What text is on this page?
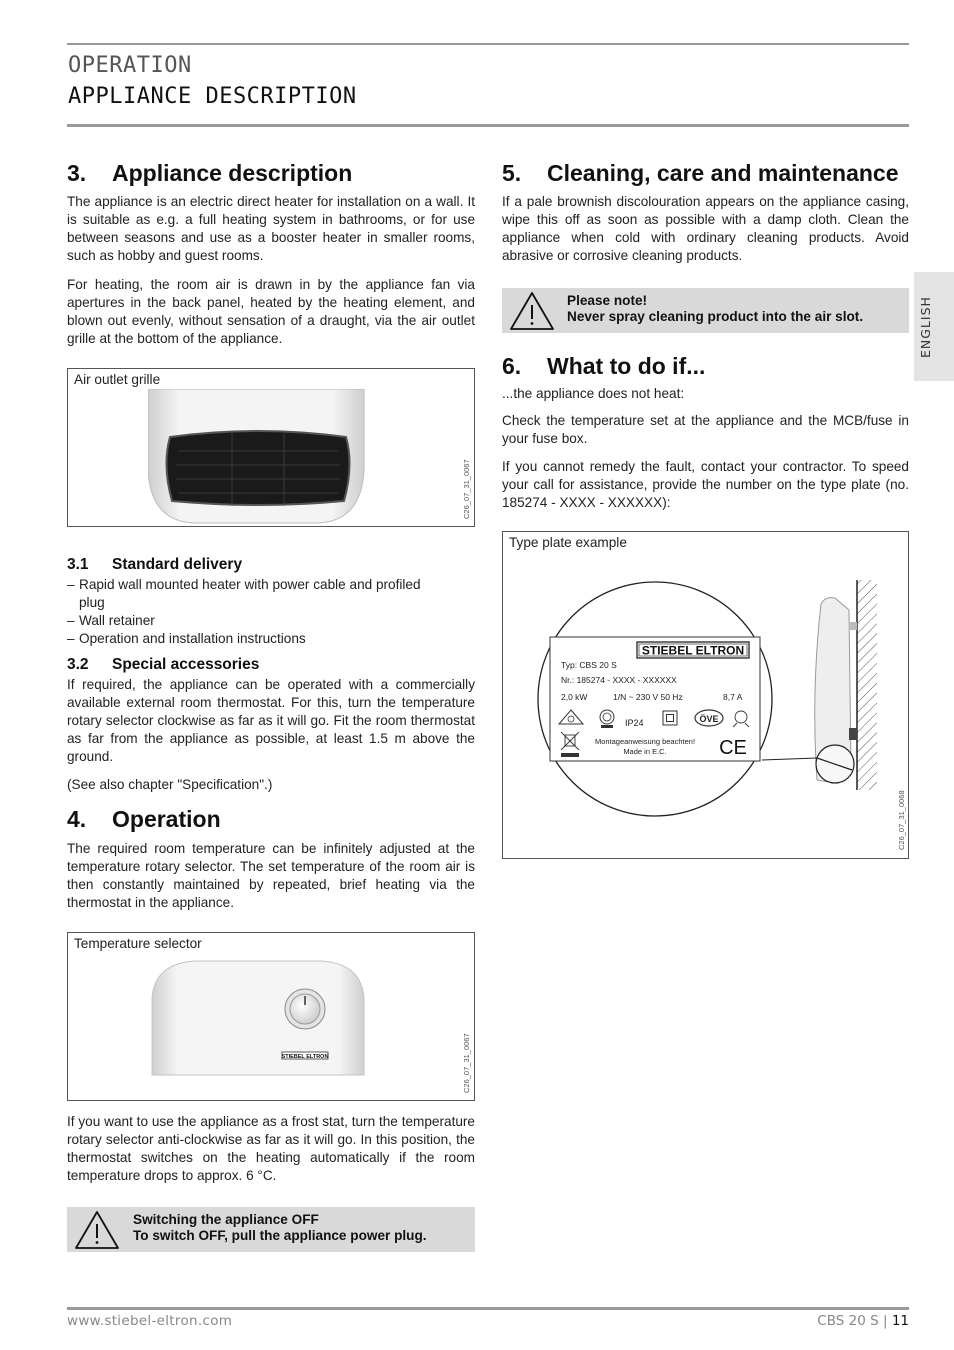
OPERATION
APPLIANCE DESCRIPTION
ENGLISH
3. Appliance description
The appliance is an electric direct heater for installation on a wall. It is suitable as e.g. a full heating system in bathrooms, or for use between seasons and use as a booster heater in smaller rooms, such as hobby and guest rooms.
For heating, the room air is drawn in by the appliance fan via apertures in the back panel, heated by the heating element, and blown out evenly, without sensation of a draught, via the air outlet grille at the bottom of the appliance.
Air outlet grille
C26_07_31_0067
3.1 Standard delivery
– Rapid wall mounted heater with power cable and profiled plug
– Wall retainer
– Operation and installation instructions
3.2 Special accessories
If required, the appliance can be operated with a commercially available external room thermostat. For this, turn the temperature rotary selector clockwise as far as it will go. Fit the room thermostat as far from the appliance as possible, at least 1.5 m above the ground.
(See also chapter "Specification".)
4. Operation
The required room temperature can be infinitely adjusted at the temperature rotary selector. The set temperature of the room air is then constantly maintained by repeated, brief heating via the thermostat in the appliance.
Temperature selector
STIEBEL ELTRON	C26_07_31_0067
If you want to use the appliance as a frost stat, turn the temperature rotary selector anti-clockwise as far as it will go. In this position, the thermostat switches on the heating automatically if the room temperature drops to approx. 6 °C.
Switching the appliance OFF
To switch OFF, pull the appliance power plug.
5. Cleaning, care and maintenance
If a pale brownish discolouration appears on the appliance casing, wipe this off as soon as possible with a damp cloth. Clean the appliance when cold with ordinary cleaning products. Avoid abrasive or corrosive cleaning products.
Please note!
Never spray cleaning product into the air slot.
6. What to do if...
...the appliance does not heat:
Check the temperature set at the appliance and the MCB/fuse in your fuse box.
If you cannot remedy the fault, contact your contractor. To speed your call for assistance, provide the number on the type plate (no. 185274 - XXXX - XXXXXX):
Type plate example
STIEBEL ELTRON
Typ: CBS 20 S
Nr.: 185274 - XXXX - XXXXXX
2,0 kW	1/N ~ 230 V 50 Hz	8,7 A
IP24	ÖVE
Montageanweisung beachten!
Made in E.C.	CE
C26_07_31_0068
www.stiebel-eltron.com	CBS 20 S | 11
